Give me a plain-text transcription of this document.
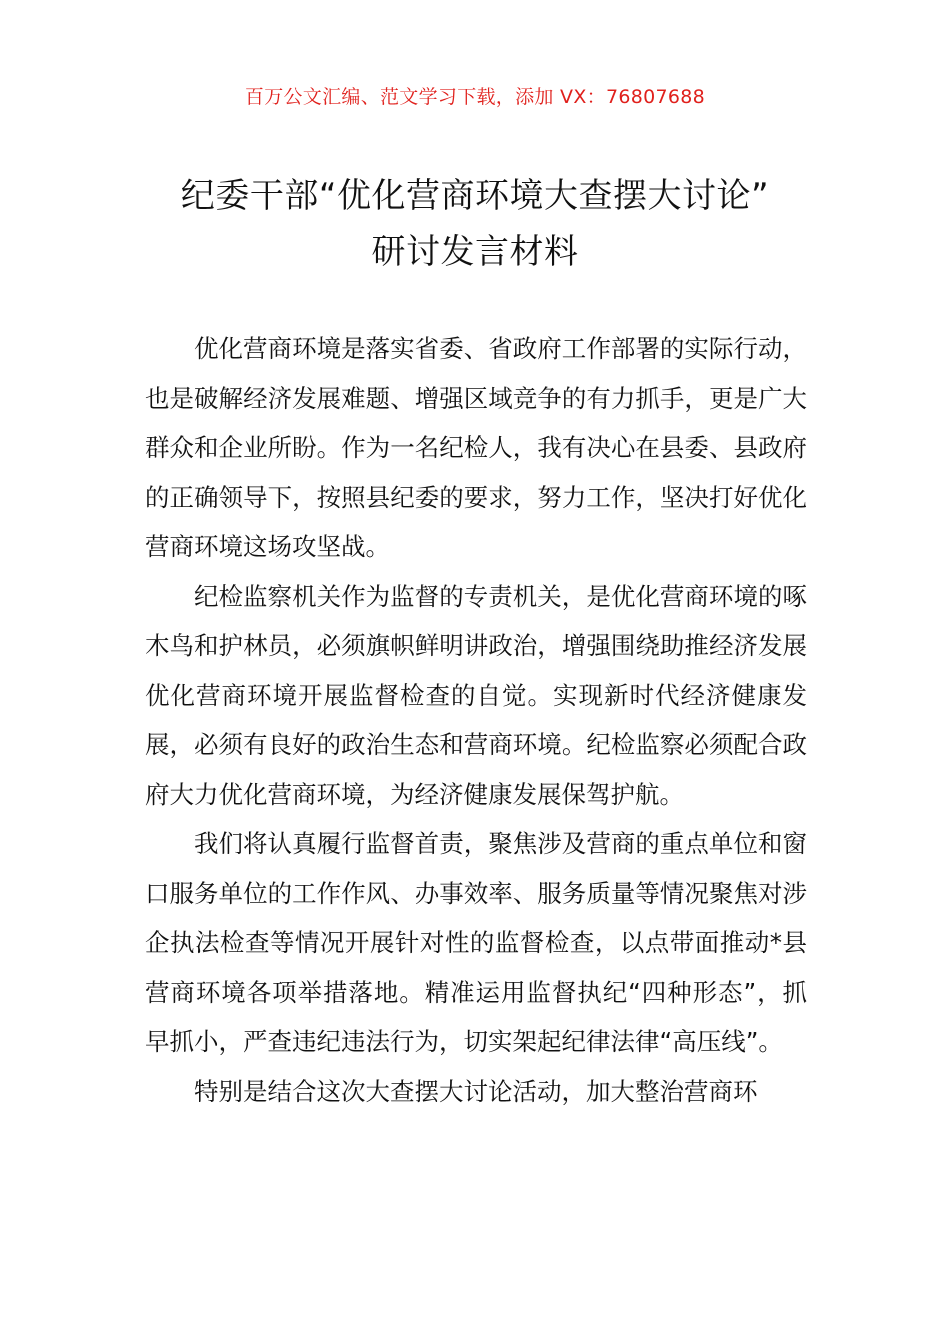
百万公文汇编、范文学习下载，添加 VX：76807688
纪委干部“优化营商环境大查摆大讨论”
研讨发言材料

优化营商环境是落实省委、省政府工作部署的实际行动，也是破解经济发展难题、增强区域竞争的有力抓手，更是广大群众和企业所盼。作为一名纪检人，我有决心在县委、县政府的正确领导下，按照县纪委的要求，努力工作，坚决打好优化营商环境这场攻坚战。

纪检监察机关作为监督的专责机关，是优化营商环境的啄木鸟和护林员，必须旗帜鲜明讲政治，增强围绕助推经济发展优化营商环境开展监督检查的自觉。实现新时代经济健康发展，必须有良好的政治生态和营商环境。纪检监察必须配合政府大力优化营商环境，为经济健康发展保驾护航。

我们将认真履行监督首责，聚焦涉及营商的重点单位和窗口服务单位的工作作风、办事效率、服务质量等情况聚焦对涉企执法检查等情况开展针对性的监督检查，以点带面推动*县营商环境各项举措落地。精准运用监督执纪“四种形态”，抓早抓小，严查违纪违法行为，切实架起纪律法律“高压线”。

特别是结合这次大查摆大讨论活动，加大整治营商环
